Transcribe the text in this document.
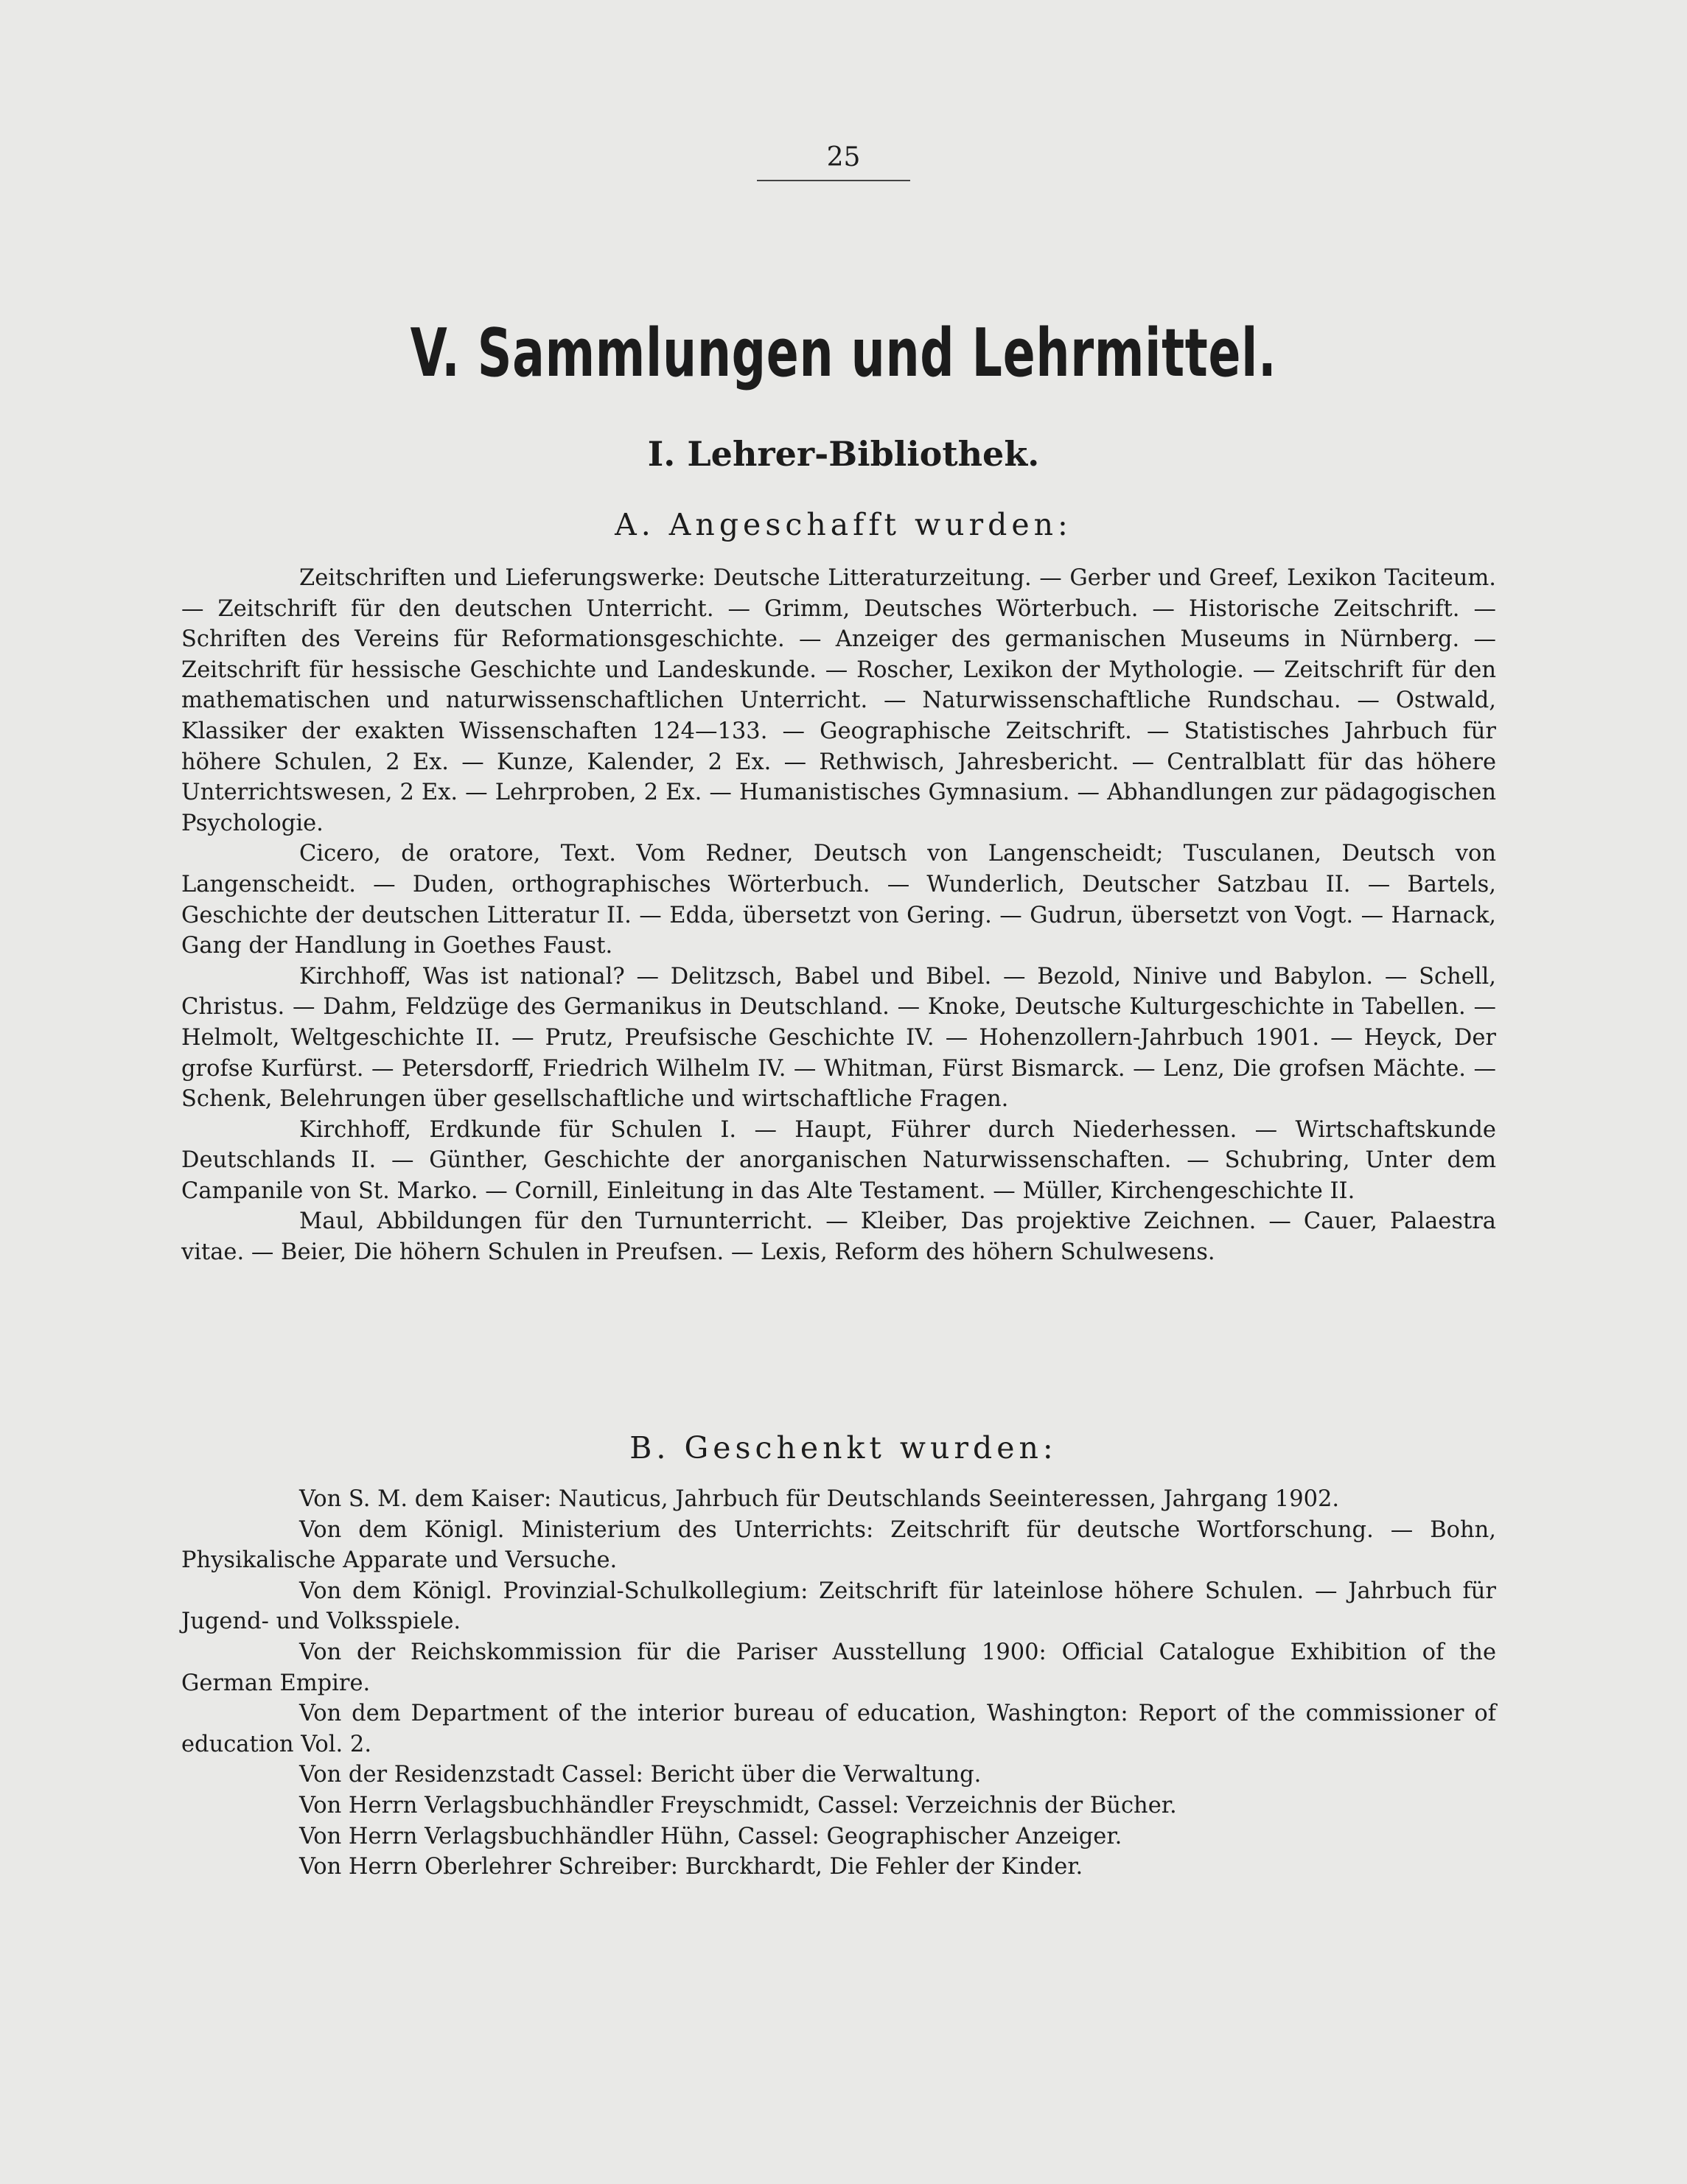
25
V. Sammlungen und Lehrmittel.
I. Lehrer-Bibliothek.
A. Angeschafft wurden:

Zeitschriften und Lieferungswerke: Deutsche Litteraturzeitung. — Gerber und Greef, Lexikon Taciteum. — Zeitschrift für den deutschen Unterricht. — Grimm, Deutsches Wörterbuch. — Historische Zeitschrift. — Schriften des Vereins für Reformationsgeschichte. — Anzeiger des germanischen Museums in Nürnberg. — Zeitschrift für hessische Geschichte und Landeskunde. — Roscher, Lexikon der Mythologie. — Zeitschrift für den mathematischen und naturwissenschaftlichen Unterricht. — Naturwissenschaftliche Rundschau. — Ostwald, Klassiker der exakten Wissenschaften 124—133. — Geographische Zeitschrift. — Statistisches Jahrbuch für höhere Schulen, 2 Ex. — Kunze, Kalender, 2 Ex. — Rethwisch, Jahresbericht. — Centralblatt für das höhere Unterrichtswesen, 2 Ex. — Lehrproben, 2 Ex. — Humanistisches Gymnasium. — Abhandlungen zur pädagogischen Psychologie.

Cicero, de oratore, Text. Vom Redner, Deutsch von Langenscheidt; Tusculanen, Deutsch von Langenscheidt. — Duden, orthographisches Wörterbuch. — Wunderlich, Deutscher Satzbau II. — Bartels, Geschichte der deutschen Litteratur II. — Edda, übersetzt von Gering. — Gudrun, übersetzt von Vogt. — Harnack, Gang der Handlung in Goethes Faust.

Kirchhoff, Was ist national? — Delitzsch, Babel und Bibel. — Bezold, Ninive und Babylon. — Schell, Christus. — Dahm, Feldzüge des Germanikus in Deutschland. — Knoke, Deutsche Kulturgeschichte in Tabellen. — Helmolt, Weltgeschichte II. — Prutz, Preufsische Geschichte IV. — Hohenzollern-Jahrbuch 1901. — Heyck, Der grofse Kurfürst. — Petersdorff, Friedrich Wilhelm IV. — Whitman, Fürst Bismarck. — Lenz, Die grofsen Mächte. — Schenk, Belehrungen über gesellschaftliche und wirtschaftliche Fragen.

Kirchhoff, Erdkunde für Schulen I. — Haupt, Führer durch Niederhessen. — Wirtschaftskunde Deutschlands II. — Günther, Geschichte der anorganischen Naturwissenschaften. — Schubring, Unter dem Campanile von St. Marko. — Cornill, Einleitung in das Alte Testament. — Müller, Kirchengeschichte II.

Maul, Abbildungen für den Turnunterricht. — Kleiber, Das projektive Zeichnen. — Cauer, Palaestra vitae. — Beier, Die höhern Schulen in Preufsen. — Lexis, Reform des höhern Schulwesens.

B. Geschenkt wurden:

Von S. M. dem Kaiser: Nauticus, Jahrbuch für Deutschlands Seeinteressen, Jahrgang 1902.

Von dem Königl. Ministerium des Unterrichts: Zeitschrift für deutsche Wortforschung. — Bohn, Physikalische Apparate und Versuche.

Von dem Königl. Provinzial-Schulkollegium: Zeitschrift für lateinlose höhere Schulen. — Jahrbuch für Jugend- und Volksspiele.

Von der Reichskommission für die Pariser Ausstellung 1900: Official Catalogue Exhibition of the German Empire.

Von dem Department of the interior bureau of education, Washington: Report of the commissioner of education Vol. 2.

Von der Residenzstadt Cassel: Bericht über die Verwaltung.

Von Herrn Verlagsbuchhändler Freyschmidt, Cassel: Verzeichnis der Bücher.

Von Herrn Verlagsbuchhändler Hühn, Cassel: Geographischer Anzeiger.

Von Herrn Oberlehrer Schreiber: Burckhardt, Die Fehler der Kinder.
